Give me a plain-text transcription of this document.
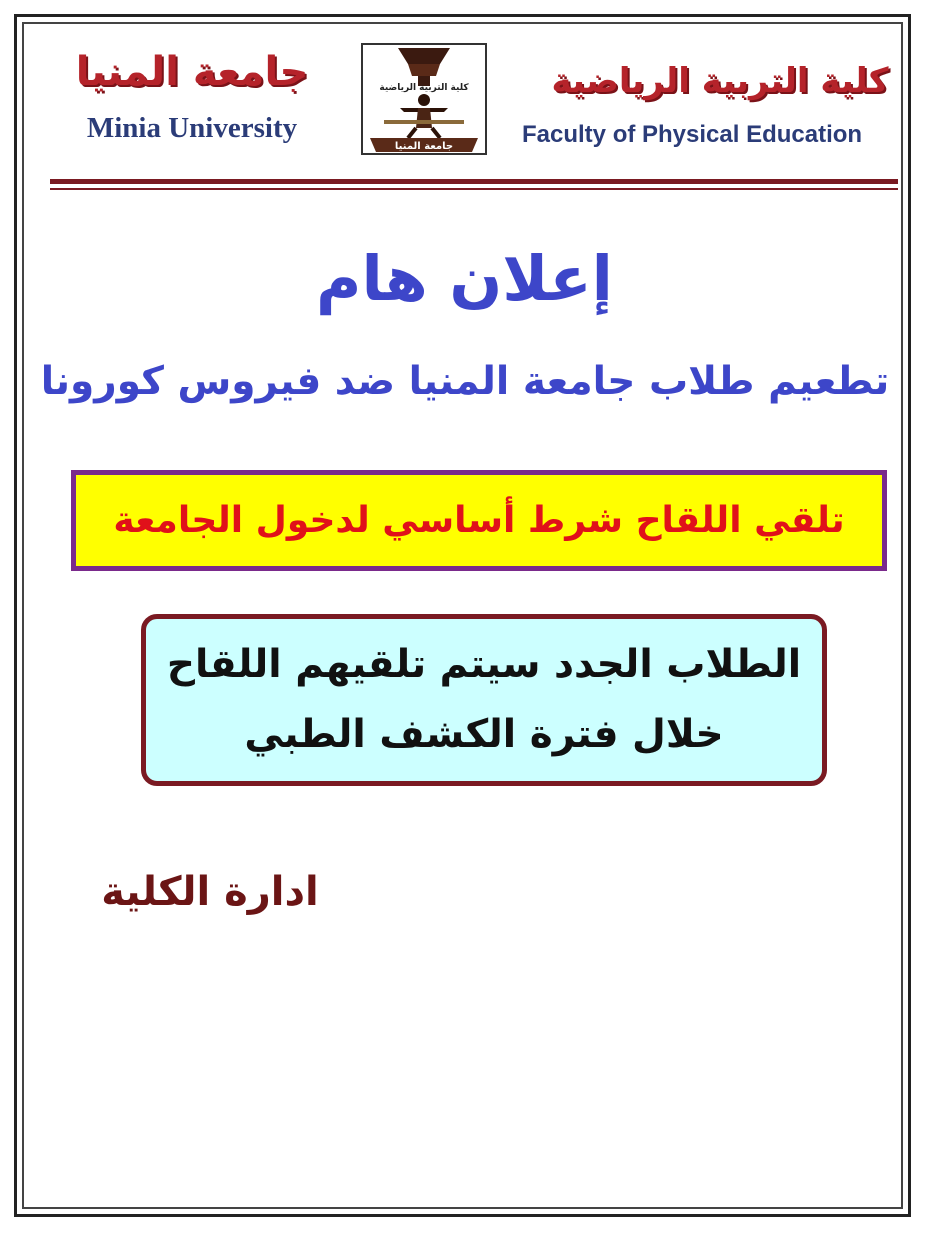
جامعة المنيا
Minia University
كلية التربية الرياضية
جامعة المنيا
كلية التربية الرياضية
Faculty of Physical Education
إعلان هام
تطعيم طلاب جامعة المنيا ضد فيروس كورونا
تلقي اللقاح شرط أساسي لدخول الجامعة
الطلاب الجدد سيتم تلقيهم اللقاح
خلال فترة الكشف الطبي
ادارة الكلية
